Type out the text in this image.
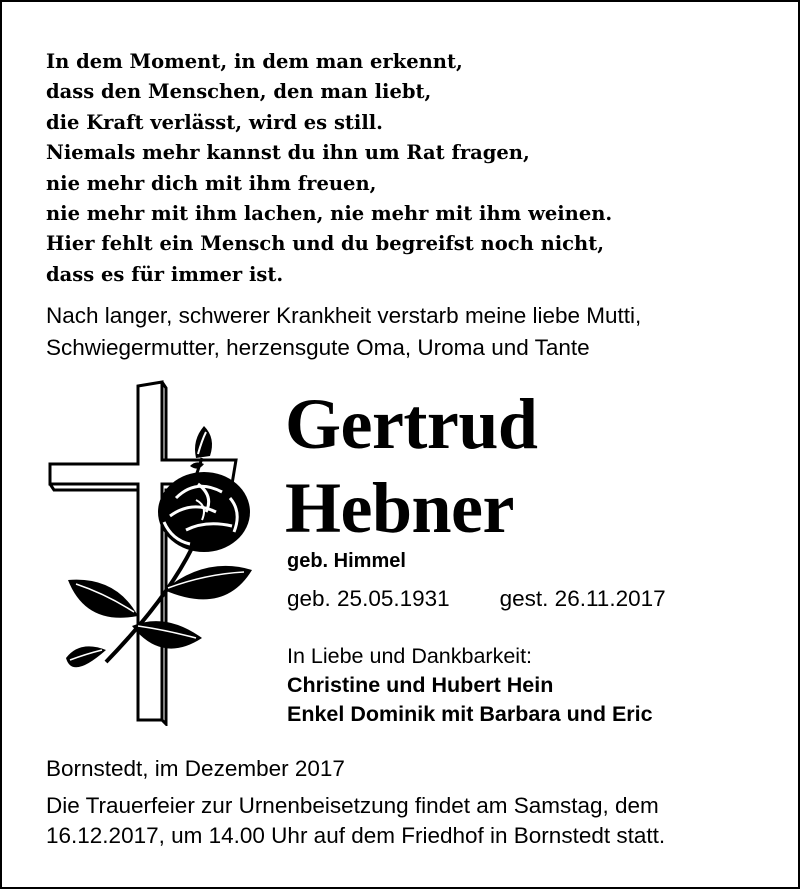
In dem Moment, in dem man erkennt,
dass den Menschen, den man liebt,
die Kraft verlässt, wird es still.
Niemals mehr kannst du ihn um Rat fragen,
nie mehr dich mit ihm freuen,
nie mehr mit ihm lachen, nie mehr mit ihm weinen.
Hier fehlt ein Mensch und du begreifst noch nicht,
dass es für immer ist.
Nach langer, schwerer Krankheit verstarb meine liebe Mutti,
Schwiegermutter, herzensgute Oma, Uroma und Tante
Gertrud
Hebner
geb. Himmel
geb. 25.05.1931 gest. 26.11.2017
In Liebe und Dankbarkeit:
Christine und Hubert Hein
Enkel Dominik mit Barbara und Eric
Bornstedt, im Dezember 2017
Die Trauerfeier zur Urnenbeisetzung findet am Samstag, dem
16.12.2017, um 14.00 Uhr auf dem Friedhof in Bornstedt statt.
